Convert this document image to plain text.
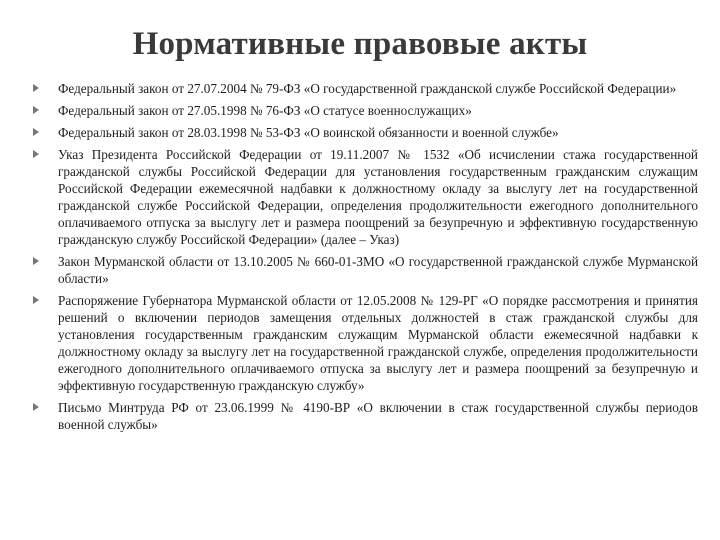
Нормативные правовые акты
Федеральный закон от 27.07.2004 № 79-ФЗ «О государственной гражданской службе Российской Федерации»
Федеральный закон от 27.05.1998 № 76-ФЗ «О статусе военнослужащих»
Федеральный закон от 28.03.1998 № 53-ФЗ «О воинской обязанности и военной службе»
Указ Президента Российской Федерации от 19.11.2007 № 1532 «Об исчислении стажа государственной гражданской службы Российской Федерации для установления государственным гражданским служащим Российской Федерации ежемесячной надбавки к должностному окладу за выслугу лет на государственной гражданской службе Российской Федерации, определения продолжительности ежегодного дополнительного оплачиваемого отпуска за выслугу лет и размера поощрений за безупречную и эффективную государственную гражданскую службу Российской Федерации» (далее – Указ)
Закон Мурманской области от 13.10.2005 № 660-01-ЗМО «О государственной гражданской службе Мурманской области»
Распоряжение Губернатора Мурманской области от 12.05.2008 № 129-РГ «О порядке рассмотрения и принятия решений о включении периодов замещения отдельных должностей в стаж гражданской службы для установления государственным гражданским служащим Мурманской области ежемесячной надбавки к должностному окладу за выслугу лет на государственной гражданской службе, определения продолжительности ежегодного дополнительного оплачиваемого отпуска за выслугу лет и размера поощрений за безупречную и эффективную государственную гражданскую службу»
Письмо Минтруда РФ от 23.06.1999 № 4190-ВР «О включении в стаж государственной службы периодов военной службы»
